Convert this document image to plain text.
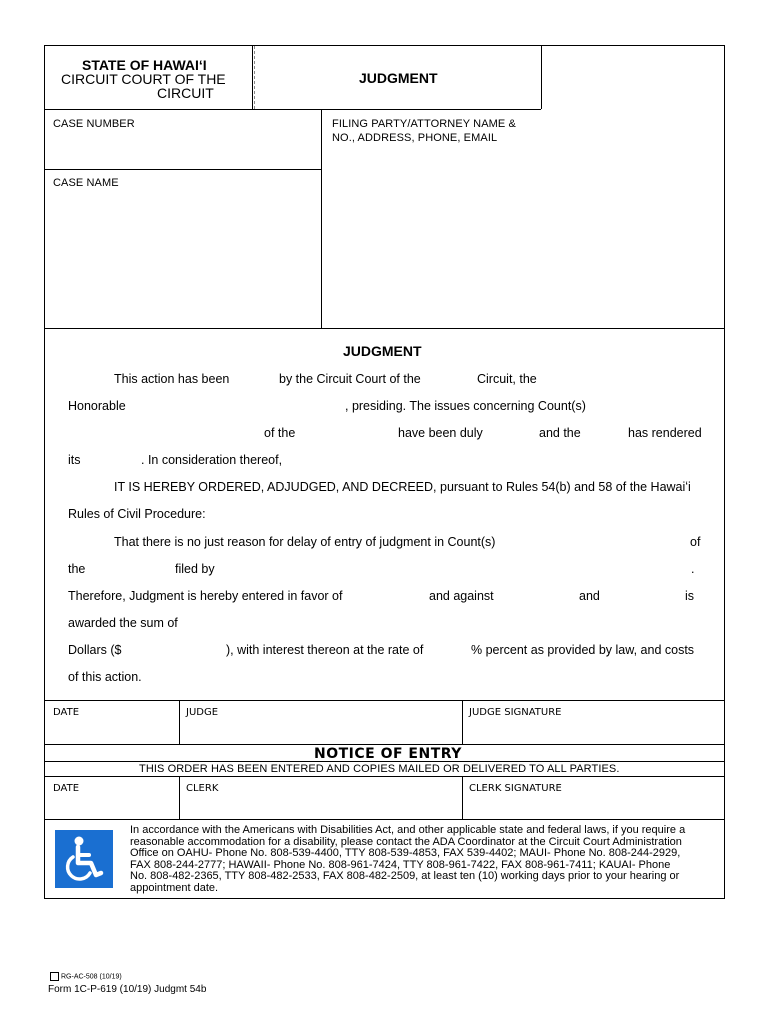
STATE OF HAWAIʻI
CIRCUIT COURT OF THE
CIRCUIT
JUDGMENT
CASE NUMBER	FILING PARTY/ATTORNEY NAME &
NO., ADDRESS, PHONE, EMAIL
CASE NAME
JUDGMENT
This action has been	by the Circuit Court of the	Circuit, the
Honorable	, presiding. The issues concerning Count(s)
of the	have been duly	and the	has rendered
its	. In consideration thereof,
IT IS HEREBY ORDERED, ADJUDGED, AND DECREED, pursuant to Rules 54(b) and 58 of the Hawaiʻi
Rules of Civil Procedure:
That there is no just reason for delay of entry of judgment in Count(s)	of
the	filed by	.
Therefore, Judgment is hereby entered in favor of	and against	and	is
awarded the sum of
Dollars ($	), with interest thereon at the rate of	% percent as provided by law, and costs
of this action.
DATE	JUDGE	JUDGE SIGNATURE
NOTICE OF ENTRY
THIS ORDER HAS BEEN ENTERED AND COPIES MAILED OR DELIVERED TO ALL PARTIES.
DATE	CLERK	CLERK SIGNATURE
In accordance with the Americans with Disabilities Act, and other applicable state and federal laws, if you require a
reasonable accommodation for a disability, please contact the ADA Coordinator at the Circuit Court Administration
Office on OAHU- Phone No. 808-539-4400, TTY 808-539-4853, FAX 539-4402; MAUI- Phone No. 808-244-2929,
FAX 808-244-2777; HAWAII- Phone No. 808-961-7424, TTY 808-961-7422, FAX 808-961-7411; KAUAI- Phone
No. 808-482-2365, TTY 808-482-2533, FAX 808-482-2509, at least ten (10) working days prior to your hearing or
appointment date.
RG-AC-508 (10/19)
Form 1C-P-619 (10/19) Judgmt 54b
